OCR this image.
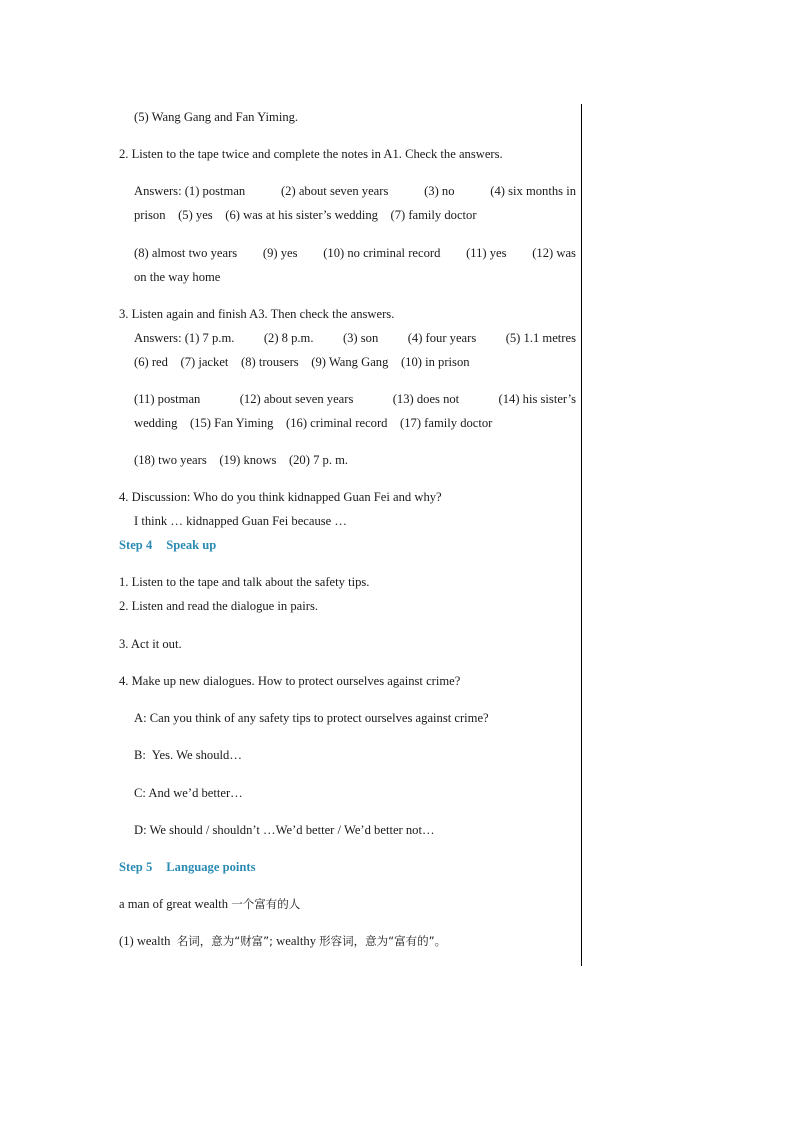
(5) Wang Gang and Fan Yiming.
2. Listen to the tape twice and complete the notes in A1. Check the answers.
Answers: (1) postman	(2) about seven years	(3) no	(4) six months in
prison    (5) yes    (6) was at his sister’s wedding    (7) family doctor
(8) almost two years (9) yes (10) no criminal record (11) yes (12) was
on the way home
3. Listen again and finish A3. Then check the answers.
Answers: (1) 7 p.m. (2) 8 p.m. (3) son (4) four years (5) 1.1 metres
(6) red    (7) jacket    (8) trousers    (9) Wang Gang    (10) in prison
(11) postman	(12) about seven years	(13) does not	(14) his sister’s
wedding    (15) Fan Yiming    (16) criminal record    (17) family doctor
(18) two years    (19) knows    (20) 7 p. m.
4. Discussion: Who do you think kidnapped Guan Fei and why?
I think … kidnapped Guan Fei because …
Step 4 Speak up
1. Listen to the tape and talk about the safety tips.
2. Listen and read the dialogue in pairs.
3. Act it out.
4. Make up new dialogues. How to protect ourselves against crime?
A: Can you think of any safety tips to protect ourselves against crime?
B:  Yes. We should…
C: And we’d better…
D: We should / shouldn’t …We’d better / We’d better not…
Step 5 Language points
a man of great wealth 一个富有的人
(1) wealth  名词，意为“财富”; wealthy 形容词，意为“富有的”。
